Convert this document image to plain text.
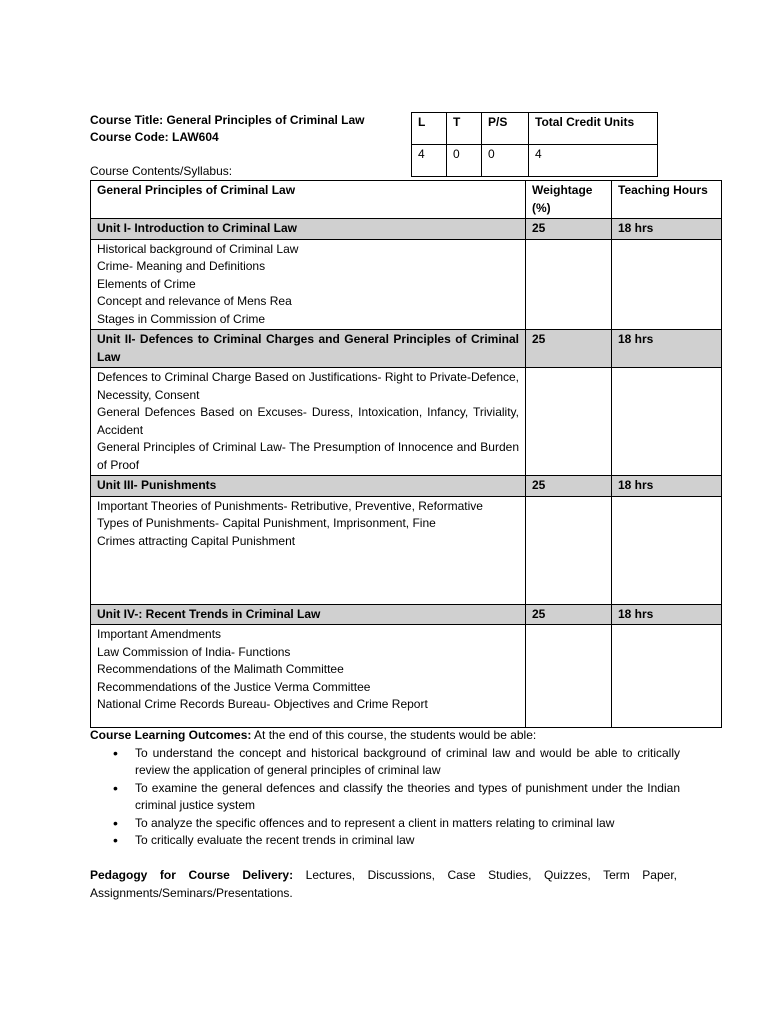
Course Title: General Principles of Criminal Law
Course Code: LAW604
L	T	P/S	Total Credit Units
4	0	0	4
Course Contents/Syllabus:
General Principles of Criminal Law	Weightage (%)	Teaching Hours
Unit I- Introduction to Criminal Law	25	18 hrs

Historical background of Criminal Law
Crime- Meaning and Definitions
Elements of Crime
Concept and relevance of Mens Rea
Stages in Commission of Crime		

Unit II- Defences to Criminal Charges and General Principles of Criminal Law	25	18 hrs

Defences to Criminal Charge Based on Justifications- Right to Private-Defence, Necessity, Consent
General Defences Based on Excuses- Duress, Intoxication, Infancy, Triviality, Accident
General Principles of Criminal Law- The Presumption of Innocence and Burden of Proof		

Unit III- Punishments	25	18 hrs

Important Theories of Punishments- Retributive, Preventive, Reformative
Types of Punishments- Capital Punishment, Imprisonment, Fine
Crimes attracting Capital Punishment		

Unit IV-: Recent Trends in Criminal Law	25	18 hrs

Important Amendments
Law Commission of India- Functions
Recommendations of the Malimath Committee
Recommendations of the Justice Verma Committee
National Crime Records Bureau- Objectives and Crime Report		

Course Learning Outcomes: At the end of this course, the students would be able:
• To understand the concept and historical background of criminal law and would be able to critically review the application of general principles of criminal law
• To examine the general defences and classify the theories and types of punishment under the Indian criminal justice system
• To analyze the specific offences and to represent a client in matters relating to criminal law
• To critically evaluate the recent trends in criminal law
Pedagogy for Course Delivery: Lectures, Discussions, Case Studies, Quizzes, Term Paper, Assignments/Seminars/Presentations.
